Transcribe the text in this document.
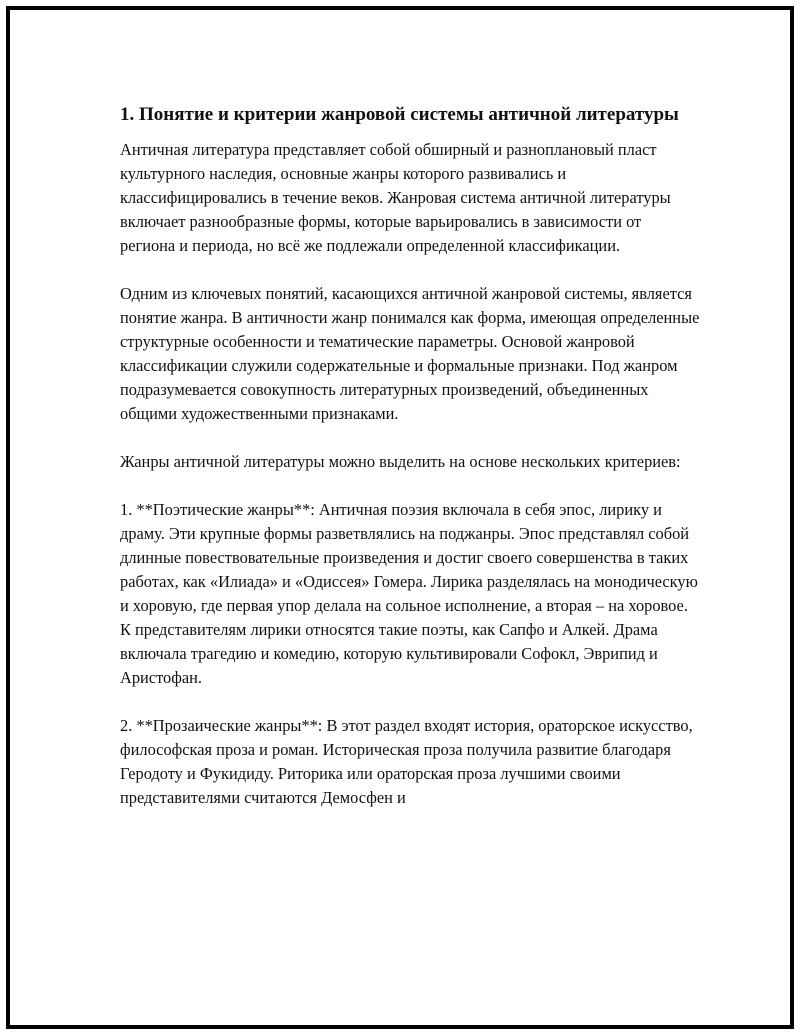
1. Понятие и критерии жанровой системы античной литературы

Античная литература представляет собой обширный и разноплановый пласт культурного наследия, основные жанры которого развивались и классифицировались в течение веков. Жанровая система античной литературы включает разнообразные формы, которые варьировались в зависимости от региона и периода, но всё же подлежали определенной классификации.

Одним из ключевых понятий, касающихся античной жанровой системы, является понятие жанра. В античности жанр понимался как форма, имеющая определенные структурные особенности и тематические параметры. Основой жанровой классификации служили содержательные и формальные признаки. Под жанром подразумевается совокупность литературных произведений, объединенных общими художественными признаками.

Жанры античной литературы можно выделить на основе нескольких критериев:

1. **Поэтические жанры**: Античная поэзия включала в себя эпос, лирику и драму. Эти крупные формы разветвлялись на поджанры. Эпос представлял собой длинные повествовательные произведения и достиг своего совершенства в таких работах, как «Илиада» и «Одиссея» Гомера. Лирика разделялась на монодическую и хоровую, где первая упор делала на сольное исполнение, а вторая – на хоровое. К представителям лирики относятся такие поэты, как Сапфо и Алкей. Драма включала трагедию и комедию, которую культивировали Софокл, Эврипид и Аристофан.

2. **Прозаические жанры**: В этот раздел входят история, ораторское искусство, философская проза и роман. Историческая проза получила развитие благодаря Геродоту и Фукидиду. Риторика или ораторская проза лучшими своими представителями считаются Демосфен и
